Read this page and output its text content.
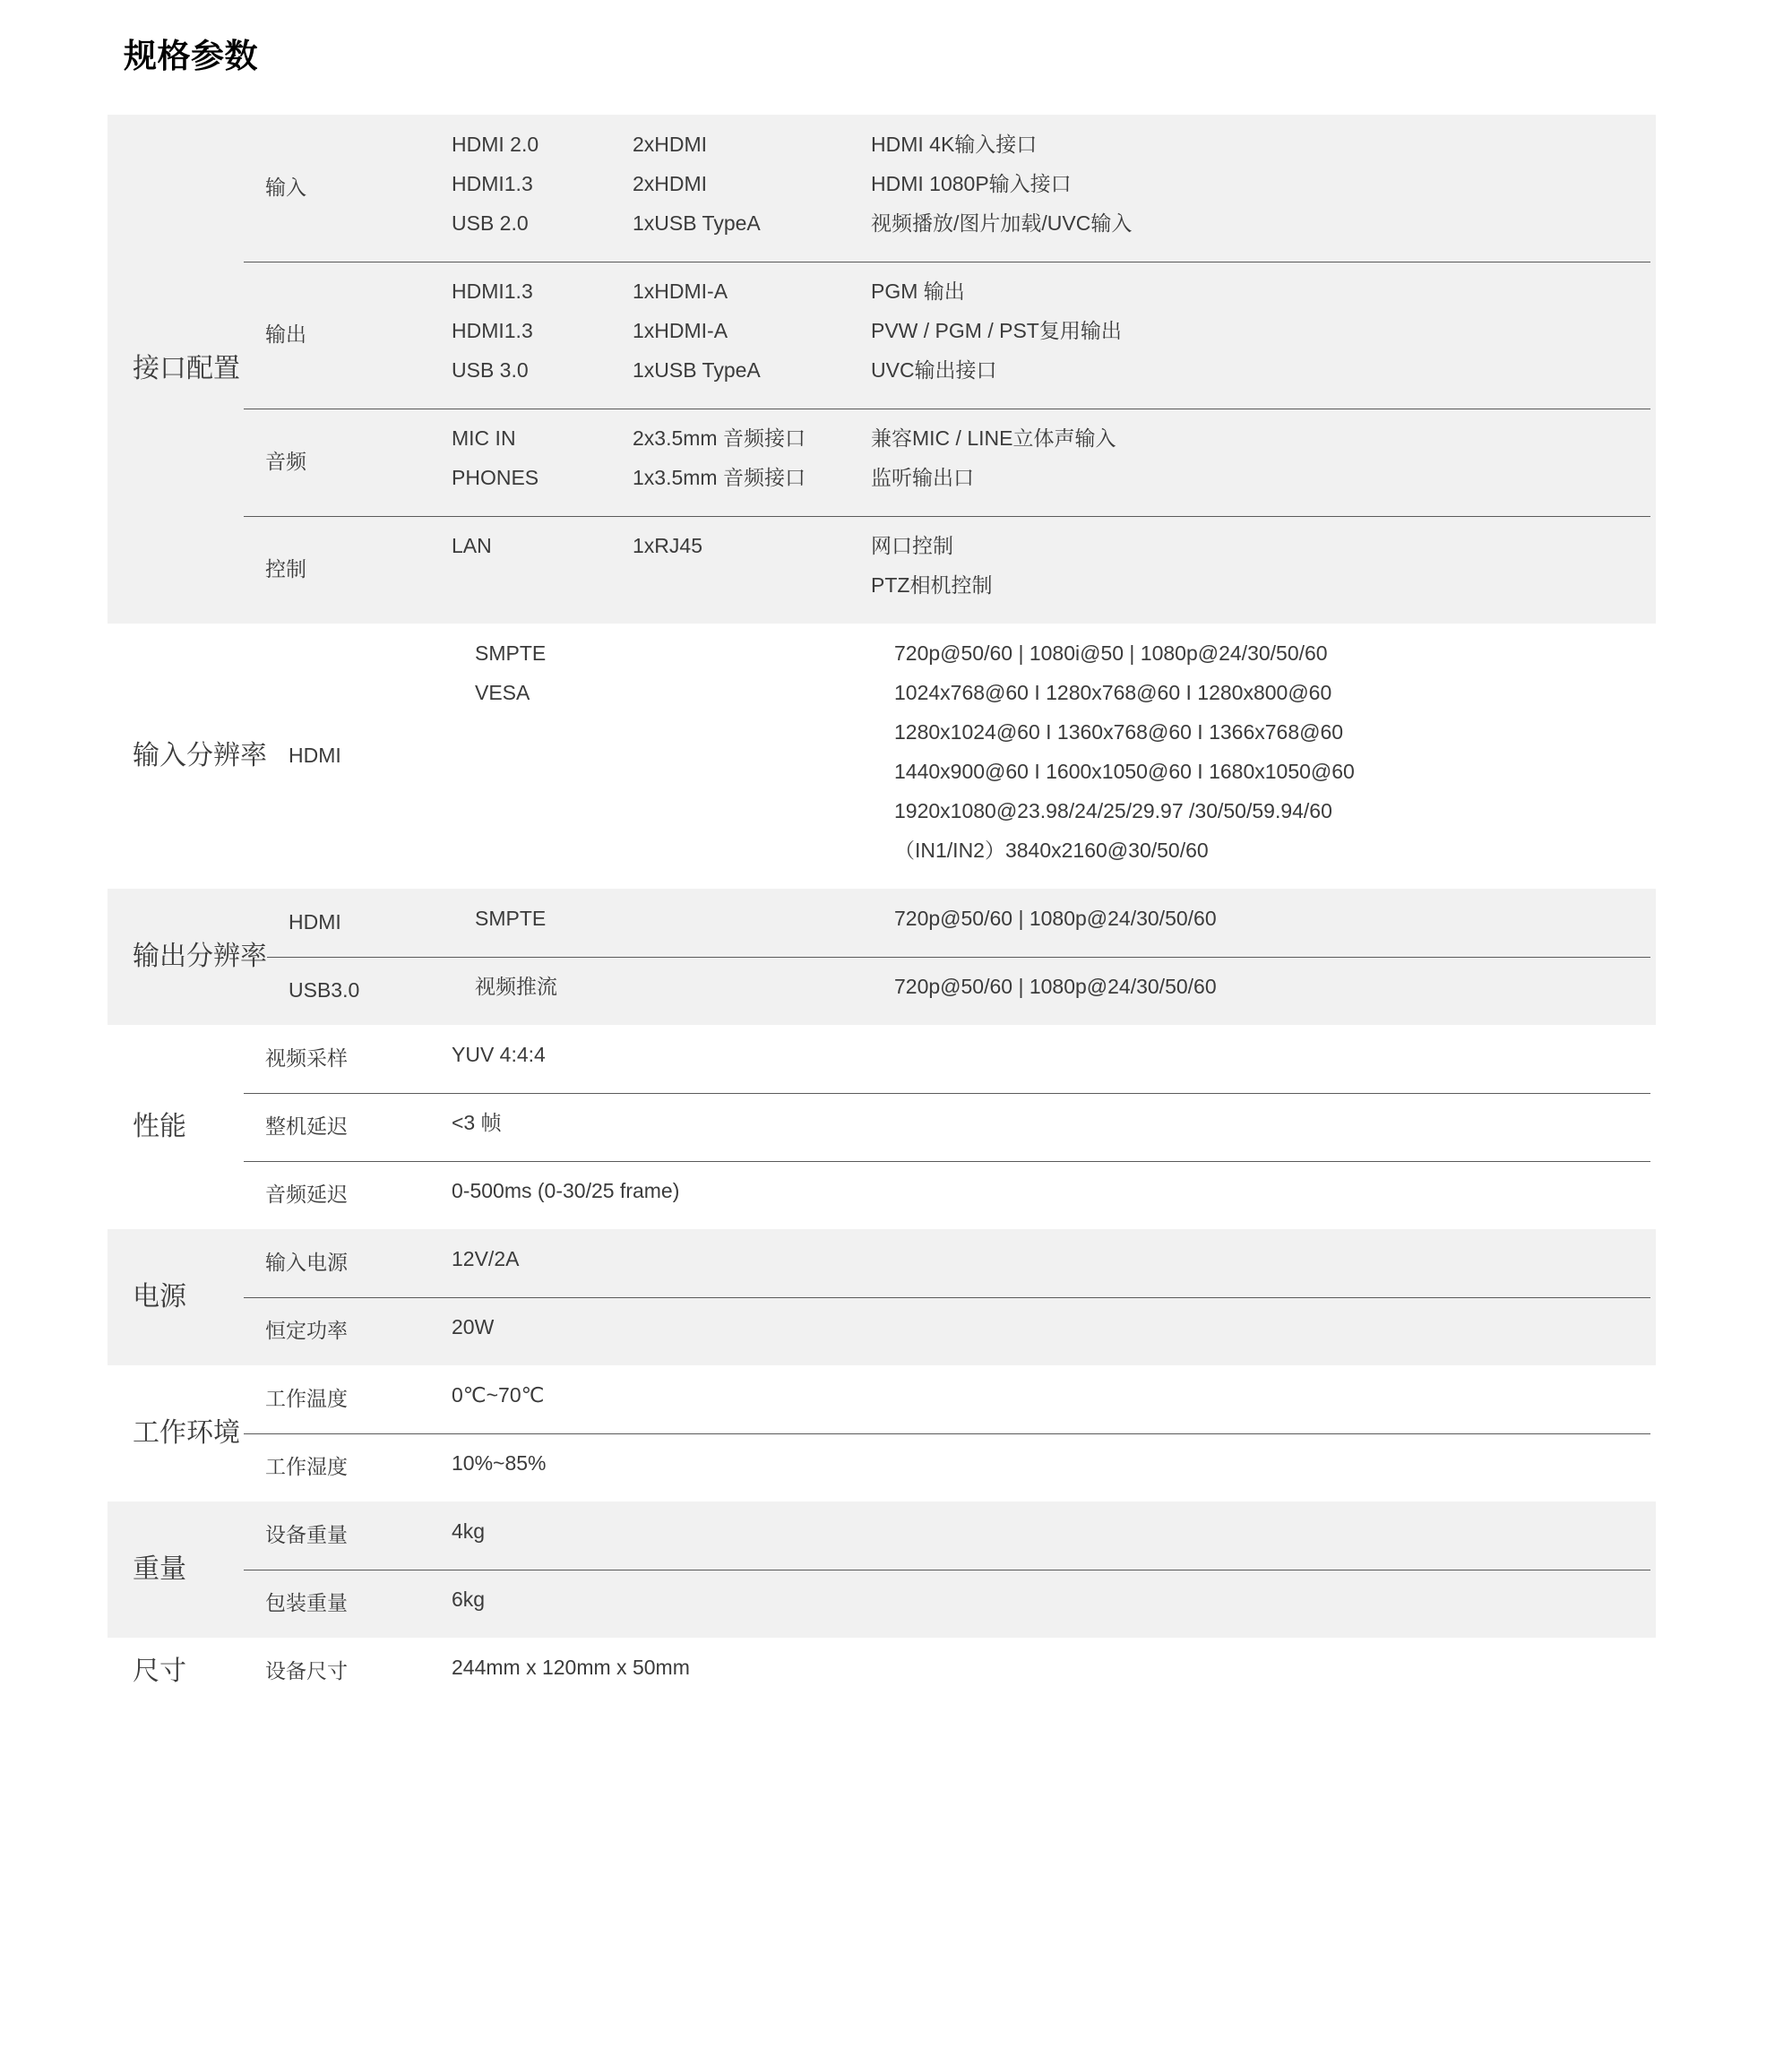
规格参数
接口配置
输入
HDMI 2.0	2xHDMI	HDMI 4K输入接口
HDMI1.3	2xHDMI	HDMI 1080P输入接口
USB 2.0	1xUSB TypeA	视频播放/图片加载/UVC输入
输出
HDMI1.3	1xHDMI-A	PGM 输出
HDMI1.3	1xHDMI-A	PVW / PGM / PST复用输出
USB 3.0	1xUSB TypeA	UVC输出接口
音频
MIC IN	2x3.5mm 音频接口	兼容MIC / LINE立体声输入
PHONES	1x3.5mm 音频接口	监听输出口
控制
LAN	1xRJ45	网口控制
PTZ相机控制
输入分辨率 HDMI
SMPTE	720p@50/60 | 1080i@50 | 1080p@24/30/50/60
VESA	1024x768@60 I 1280x768@60 I 1280x800@60
1280x1024@60 I 1360x768@60 I 1366x768@60
1440x900@60 I 1600x1050@60 I 1680x1050@60
1920x1080@23.98/24/25/29.97 /30/50/59.94/60
（IN1/IN2）3840x2160@30/50/60
输出分辨率
HDMI	SMPTE	720p@50/60 | 1080p@24/30/50/60
USB3.0	视频推流	720p@50/60 | 1080p@24/30/50/60
性能
视频采样	YUV 4:4:4
整机延迟	<3 帧
音频延迟	0-500ms (0-30/25 frame)
电源
输入电源	12V/2A
恒定功率	20W
工作环境
工作温度	0℃~70℃
工作湿度	10%~85%
重量
设备重量	4kg
包装重量	6kg
尺寸	设备尺寸	244mm x 120mm x 50mm
